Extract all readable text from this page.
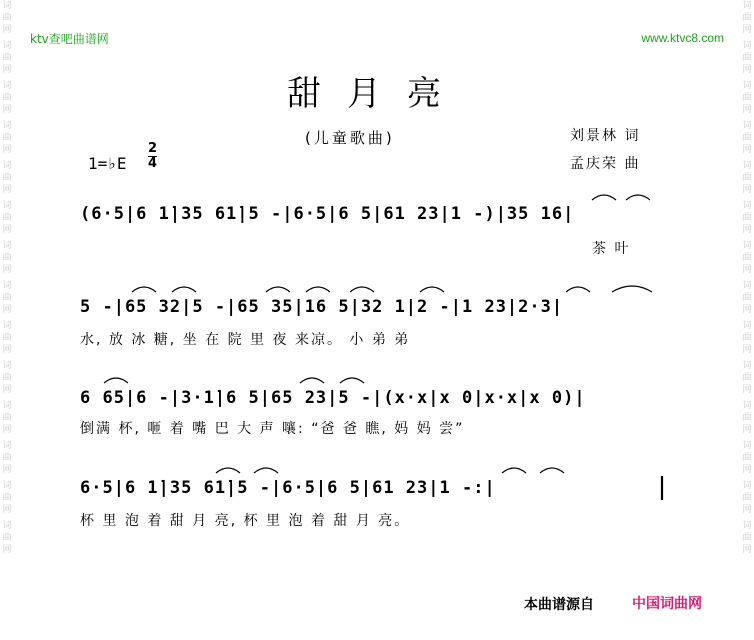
词曲网
词曲网
词曲网
词曲网
词曲网
词曲网
词曲网
词曲网
词曲网
词曲网
词曲网
词曲网
词曲网
词曲网
词曲网
词曲网
词曲网
词曲网
词曲网
词曲网
词曲网
词曲网
词曲网
词曲网
词曲网
词曲网
词曲网
词曲网
ktv查吧曲谱网	www.ktvc8.com
甜月亮
(儿童歌曲)	刘景林 词
孟庆荣 曲
1=♭E
2
4
(6·5|6 1̇|35 61̇|5 -|6·5|6 5|61 23|1 -)|35 16|
茶 叶
5 -|65 32|5 -|65 35|16 5|32 1|2 -|1 23|2·3|
水, 放 冰 糖, 坐 在 院 里 夜 来凉。 小 弟 弟
6 65|6 -|3·1̇|6 5|65 23|5 -|(x·x|x 0|x·x|x 0)|
倒满 杯, 咂 着 嘴 巴 大 声 嚷: “爸 爸 瞧, 妈 妈 尝”
6·5|6 1̇|35 61̇|5 -|6·5|6 5|61 23|1 -:|
杯 里 泡 着 甜 月 亮, 杯 里 泡 着 甜 月 亮。
本曲谱源自	中国词曲网
